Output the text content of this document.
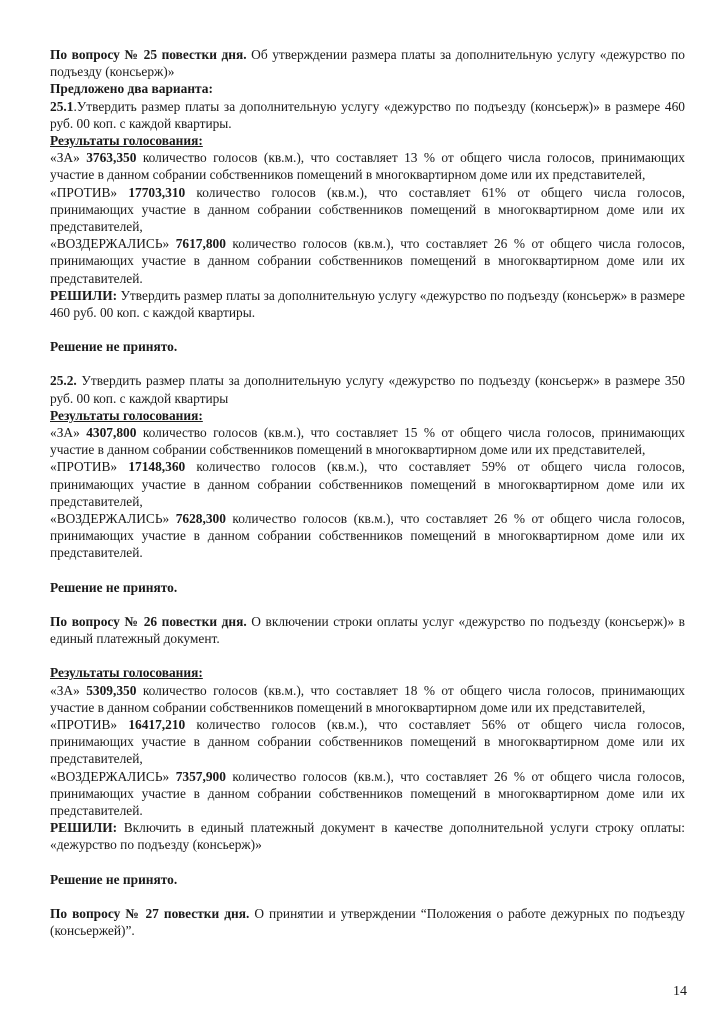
По вопросу № 25 повестки дня. Об утверждении размера платы за дополнительную услугу «дежурство по подъезду (консьерж)»

Предложено два варианта:

25.1.Утвердить размер платы за дополнительную услугу «дежурство по подъезду (консьерж)» в размере 460 руб. 00 коп. с каждой квартиры.

Результаты голосования:

«ЗА» 3763,350 количество голосов (кв.м.), что составляет 13 % от общего числа голосов, принимающих участие в данном собрании собственников помещений в многоквартирном доме или их представителей,

«ПРОТИВ» 17703,310 количество голосов (кв.м.), что составляет 61% от общего числа голосов, принимающих участие в данном собрании собственников помещений в многоквартирном доме или их представителей,

«ВОЗДЕРЖАЛИСЬ» 7617,800 количество голосов (кв.м.), что составляет 26 % от общего числа голосов, принимающих участие в данном собрании собственников помещений в многоквартирном доме или их представителей.

РЕШИЛИ: Утвердить размер платы за дополнительную услугу «дежурство по подъезду (консьерж» в размере 460 руб. 00 коп. с каждой квартиры.

Решение не принято.

25.2. Утвердить размер платы за дополнительную услугу «дежурство по подъезду (консьерж» в размере 350 руб. 00 коп. с каждой квартиры

Результаты голосования:

«ЗА» 4307,800 количество голосов (кв.м.), что составляет 15 % от общего числа голосов, принимающих участие в данном собрании собственников помещений в многоквартирном доме или их представителей,

«ПРОТИВ» 17148,360 количество голосов (кв.м.), что составляет 59% от общего числа голосов, принимающих участие в данном собрании собственников помещений в многоквартирном доме или их представителей,

«ВОЗДЕРЖАЛИСЬ» 7628,300 количество голосов (кв.м.), что составляет 26 % от общего числа голосов, принимающих участие в данном собрании собственников помещений в многоквартирном доме или их представителей.

Решение не принято.

По вопросу № 26 повестки дня. О включении строки оплаты услуг «дежурство по подъезду (консьерж)» в единый платежный документ.

Результаты голосования:

«ЗА» 5309,350 количество голосов (кв.м.), что составляет 18 % от общего числа голосов, принимающих участие в данном собрании собственников помещений в многоквартирном доме или их представителей,

«ПРОТИВ» 16417,210 количество голосов (кв.м.), что составляет 56% от общего числа голосов, принимающих участие в данном собрании собственников помещений в многоквартирном доме или их представителей,

«ВОЗДЕРЖАЛИСЬ» 7357,900 количество голосов (кв.м.), что составляет 26 % от общего числа голосов, принимающих участие в данном собрании собственников помещений в многоквартирном доме или их представителей.

РЕШИЛИ: Включить в единый платежный документ в качестве дополнительной услуги строку оплаты: «дежурство по подъезду (консьерж)»

Решение не принято.

По вопросу № 27 повестки дня. О принятии и утверждении “Положения о работе дежурных по подъезду (консьержей)”.

14
